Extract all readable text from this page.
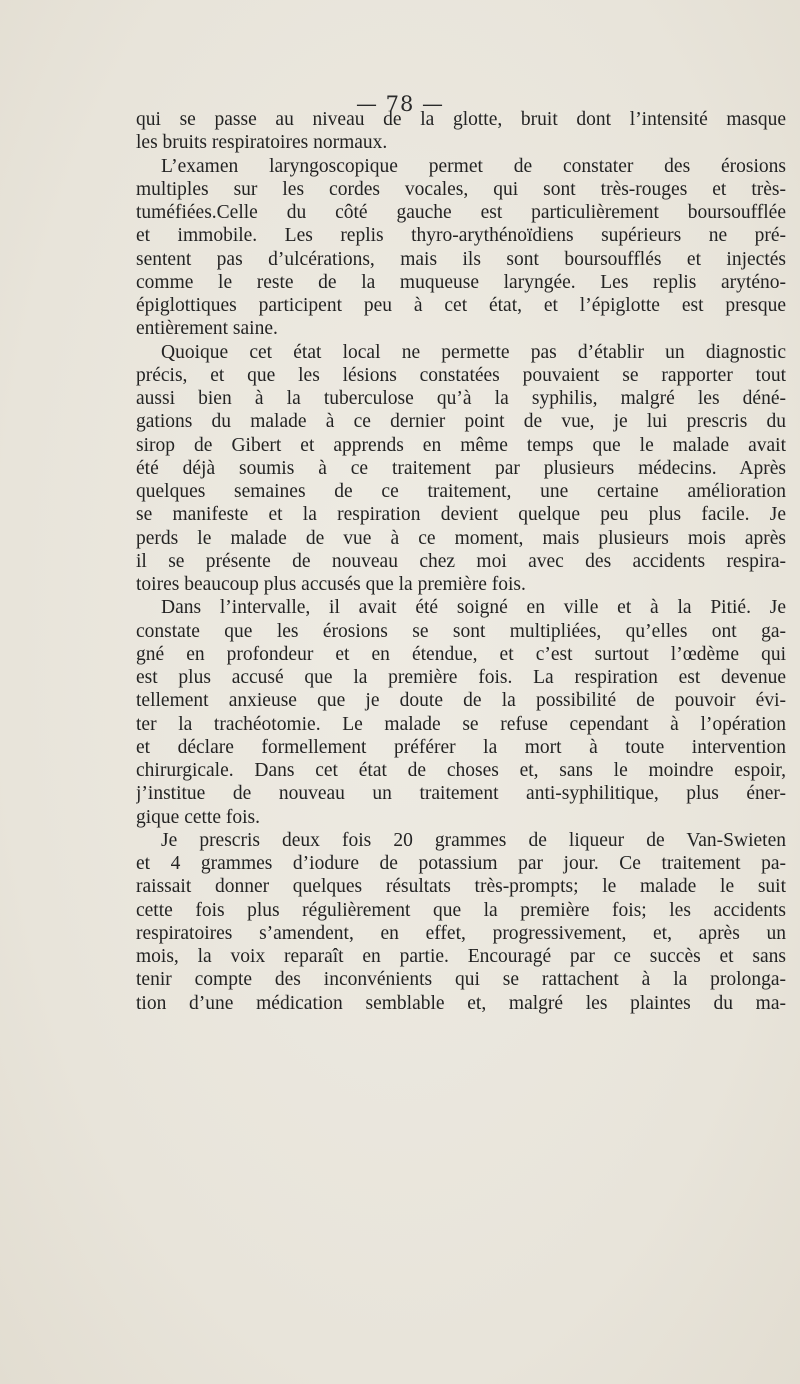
— 78 —
qui se passe au niveau de la glotte, bruit dont l’intensité masque
les bruits respiratoires normaux.
L’examen laryngoscopique permet de constater des érosions
multiples sur les cordes vocales, qui sont très-rouges et très-
tuméfiées.Celle du côté gauche est particulièrement boursoufflée
et immobile. Les replis thyro-arythénoïdiens supérieurs ne pré-
sentent pas d’ulcérations, mais ils sont boursoufflés et injectés
comme le reste de la muqueuse laryngée. Les replis aryténo-
épiglottiques participent peu à cet état, et l’épiglotte est presque
entièrement saine.
Quoique cet état local ne permette pas d’établir un diagnostic
précis, et que les lésions constatées pouvaient se rapporter tout
aussi bien à la tuberculose qu’à la syphilis, malgré les déné-
gations du malade à ce dernier point de vue, je lui prescris du
sirop de Gibert et apprends en même temps que le malade avait
été déjà soumis à ce traitement par plusieurs médecins. Après
quelques semaines de ce traitement, une certaine amélioration
se manifeste et la respiration devient quelque peu plus facile. Je
perds le malade de vue à ce moment, mais plusieurs mois après
il se présente de nouveau chez moi avec des accidents respira-
toires beaucoup plus accusés que la première fois.
Dans l’intervalle, il avait été soigné en ville et à la Pitié. Je
constate que les érosions se sont multipliées, qu’elles ont ga-
gné en profondeur et en étendue, et c’est surtout l’œdème qui
est plus accusé que la première fois. La respiration est devenue
tellement anxieuse que je doute de la possibilité de pouvoir évi-
ter la trachéotomie. Le malade se refuse cependant à l’opération
et déclare formellement préférer la mort à toute intervention
chirurgicale. Dans cet état de choses et, sans le moindre espoir,
j’institue de nouveau un traitement anti-syphilitique, plus éner-
gique cette fois.
Je prescris deux fois 20 grammes de liqueur de Van-Swieten
et 4 grammes d’iodure de potassium par jour. Ce traitement pa-
raissait donner quelques résultats très-prompts; le malade le suit
cette fois plus régulièrement que la première fois; les accidents
respiratoires s’amendent, en effet, progressivement, et, après un
mois, la voix reparaît en partie. Encouragé par ce succès et sans
tenir compte des inconvénients qui se rattachent à la prolonga-
tion d’une médication semblable et, malgré les plaintes du ma-
